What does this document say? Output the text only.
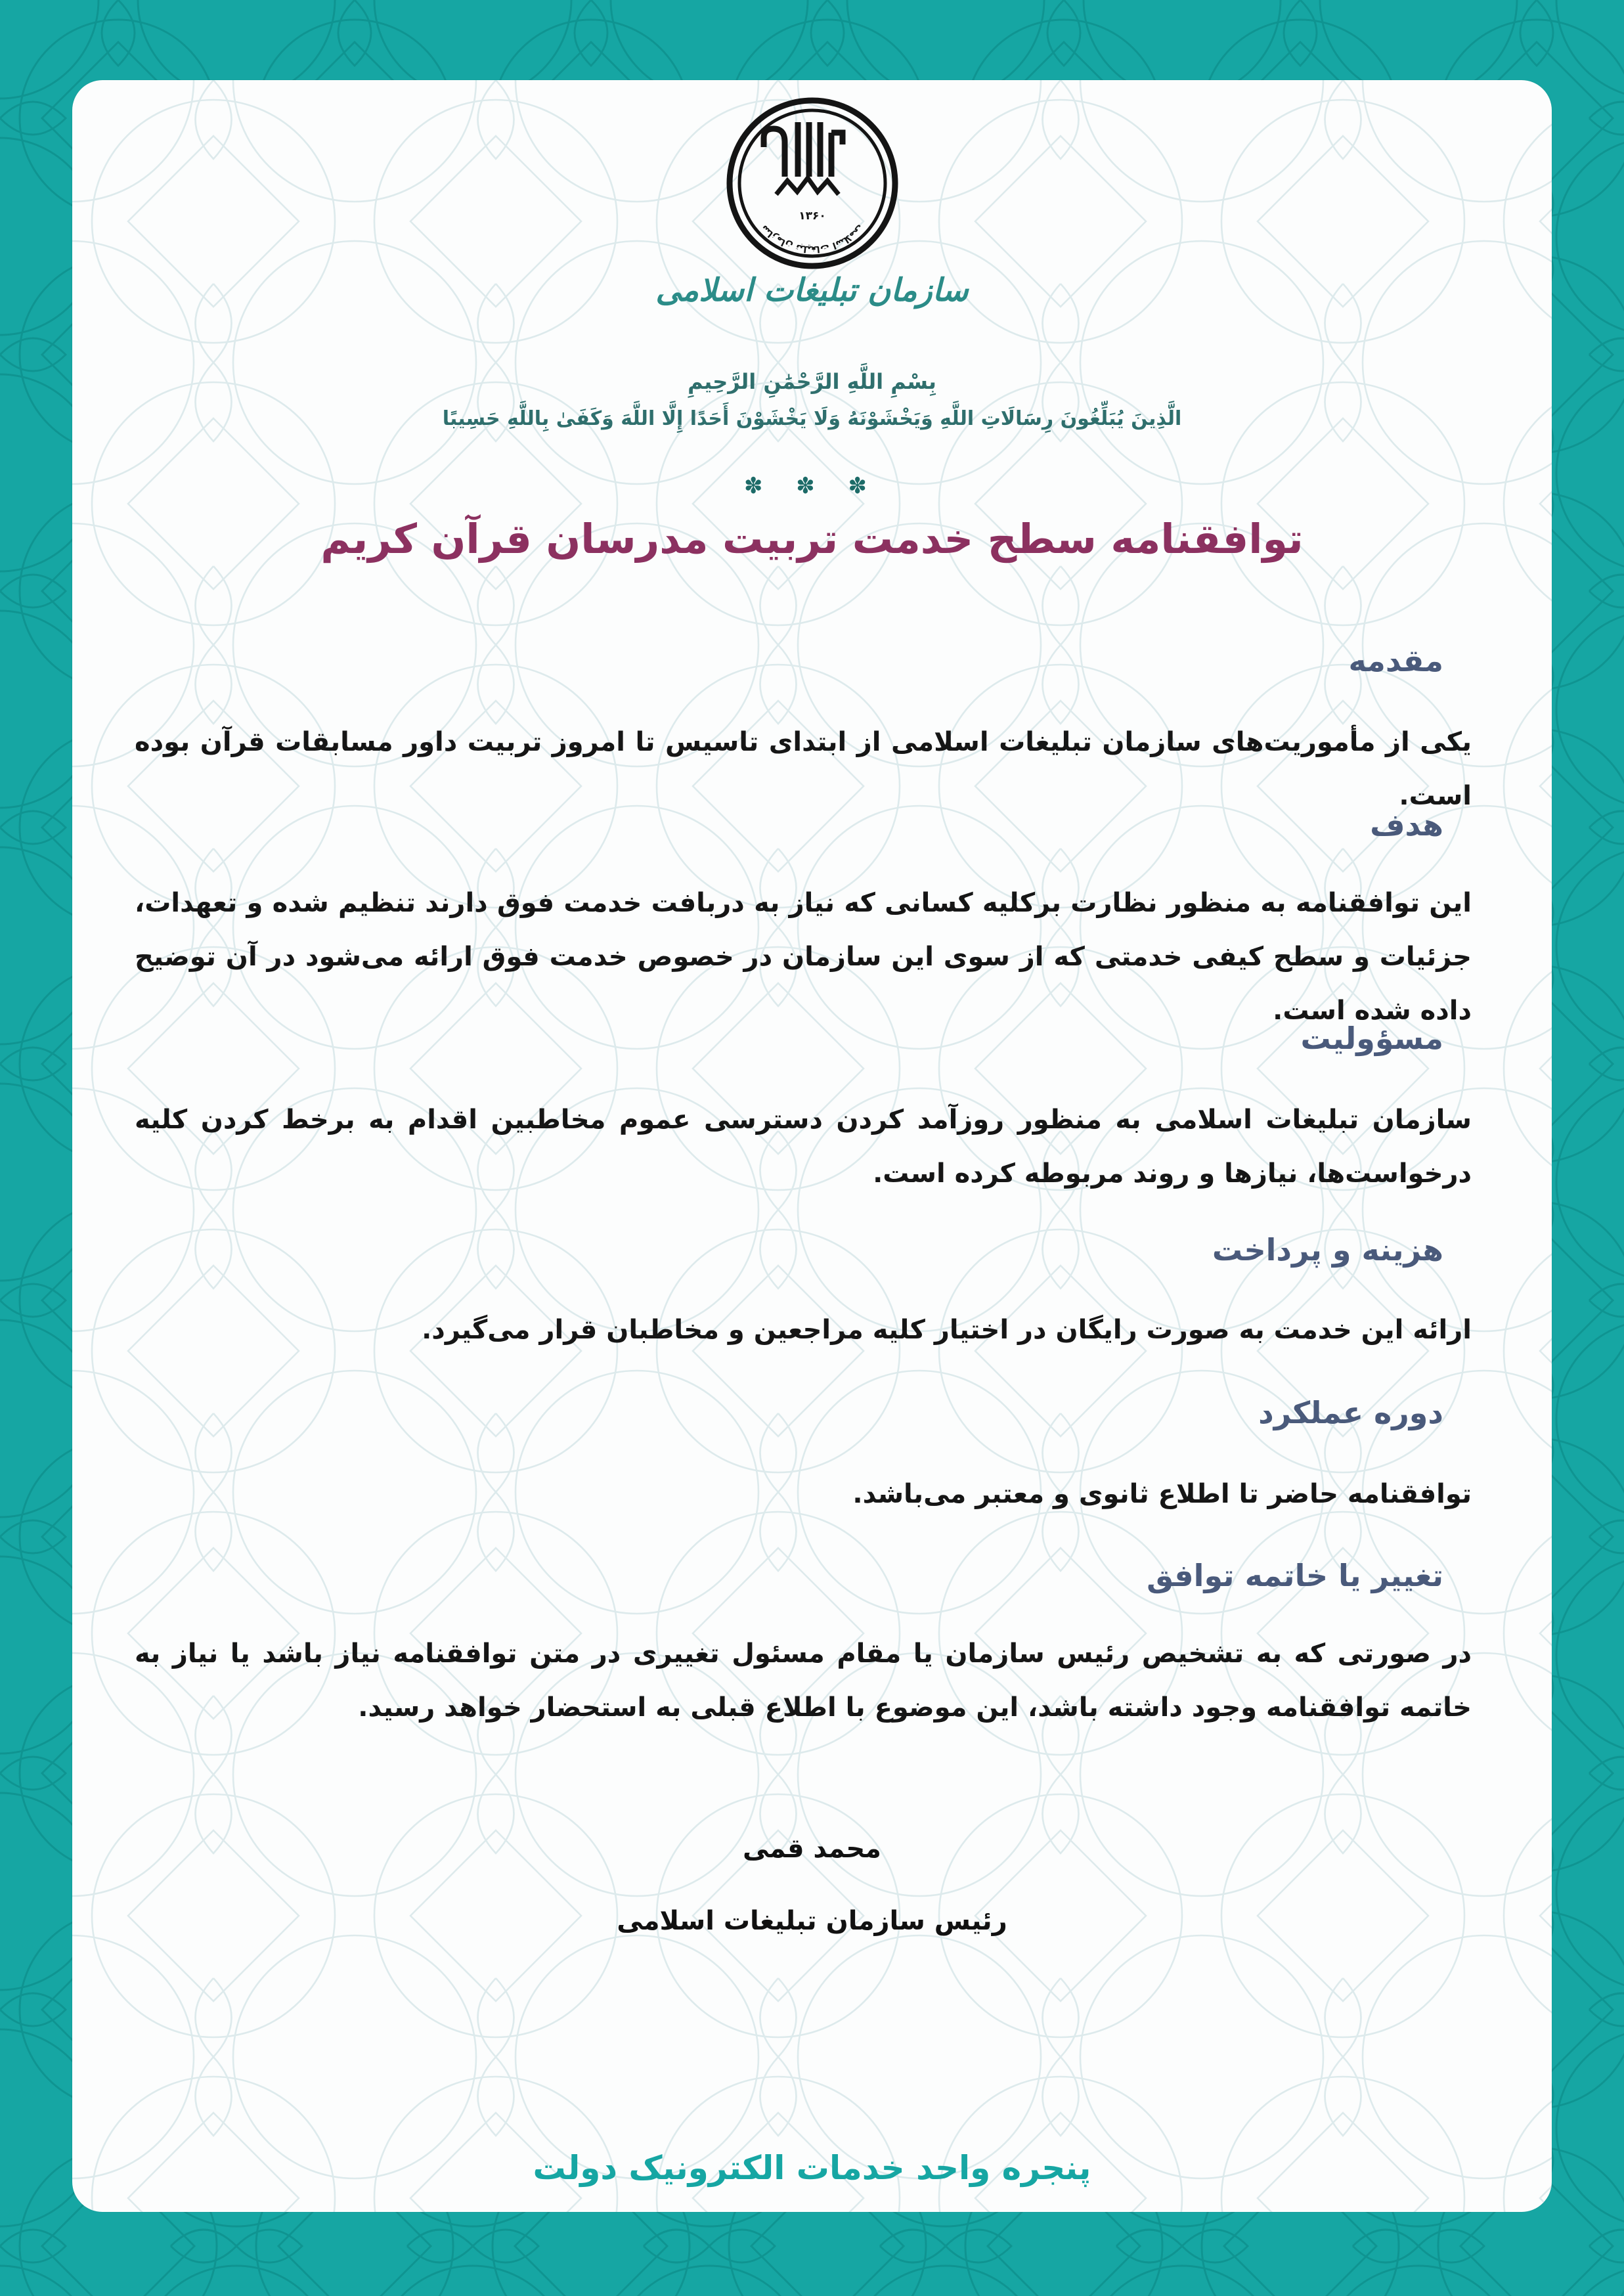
۱۳۶۰
سازمان تبلیغات اسلامی
سازمان تبلیغات اسلامی
بِسْمِ اللَّهِ الرَّحْمَٰنِ الرَّحِيمِ
الَّذِينَ يُبَلِّغُونَ رِسَالَاتِ اللَّهِ وَيَخْشَوْنَهُ وَلَا يَخْشَوْنَ أَحَدًا إِلَّا اللَّهَ وَكَفَىٰ بِاللَّهِ حَسِيبًا
✽ ✽ ✽
توافقنامه سطح خدمت تربیت مدرسان قرآن کریم
مقدمه
یکی از مأموریت‌های سازمان تبلیغات اسلامی از ابتدای تاسیس تا امروز تربیت داور مسابقات قرآن بوده است.
هدف
این توافقنامه به منظور نظارت برکلیه کسانی که نیاز به دربافت خدمت فوق دارند تنظیم شده و تعهدات، جزئیات و سطح کیفی خدمتی که از سوی این سازمان در خصوص خدمت فوق ارائه می‌شود در آن توضیح داده شده است.
مسؤولیت
سازمان تبلیغات اسلامی به منظور روزآمد کردن دسترسی عموم مخاطبین اقدام به برخط کردن کلیه درخواست‌ها، نیازها و روند مربوطه کرده است.
هزینه و پرداخت
ارائه این خدمت به صورت رایگان در اختیار کلیه مراجعین و مخاطبان قرار می‌گیرد.
دوره عملکرد
توافقنامه حاضر تا اطلاع ثانوی و معتبر می‌باشد.
تغییر یا خاتمه توافق
در صورتی که به تشخیص رئیس سازمان یا مقام مسئول تغییری در متن توافقنامه نیاز باشد یا نیاز به خاتمه توافقنامه وجود داشته باشد، این موضوع با اطلاع قبلی به استحضار خواهد رسید.
محمد قمی
رئیس سازمان تبلیغات اسلامی
پنجره واحد خدمات الکترونیک دولت
